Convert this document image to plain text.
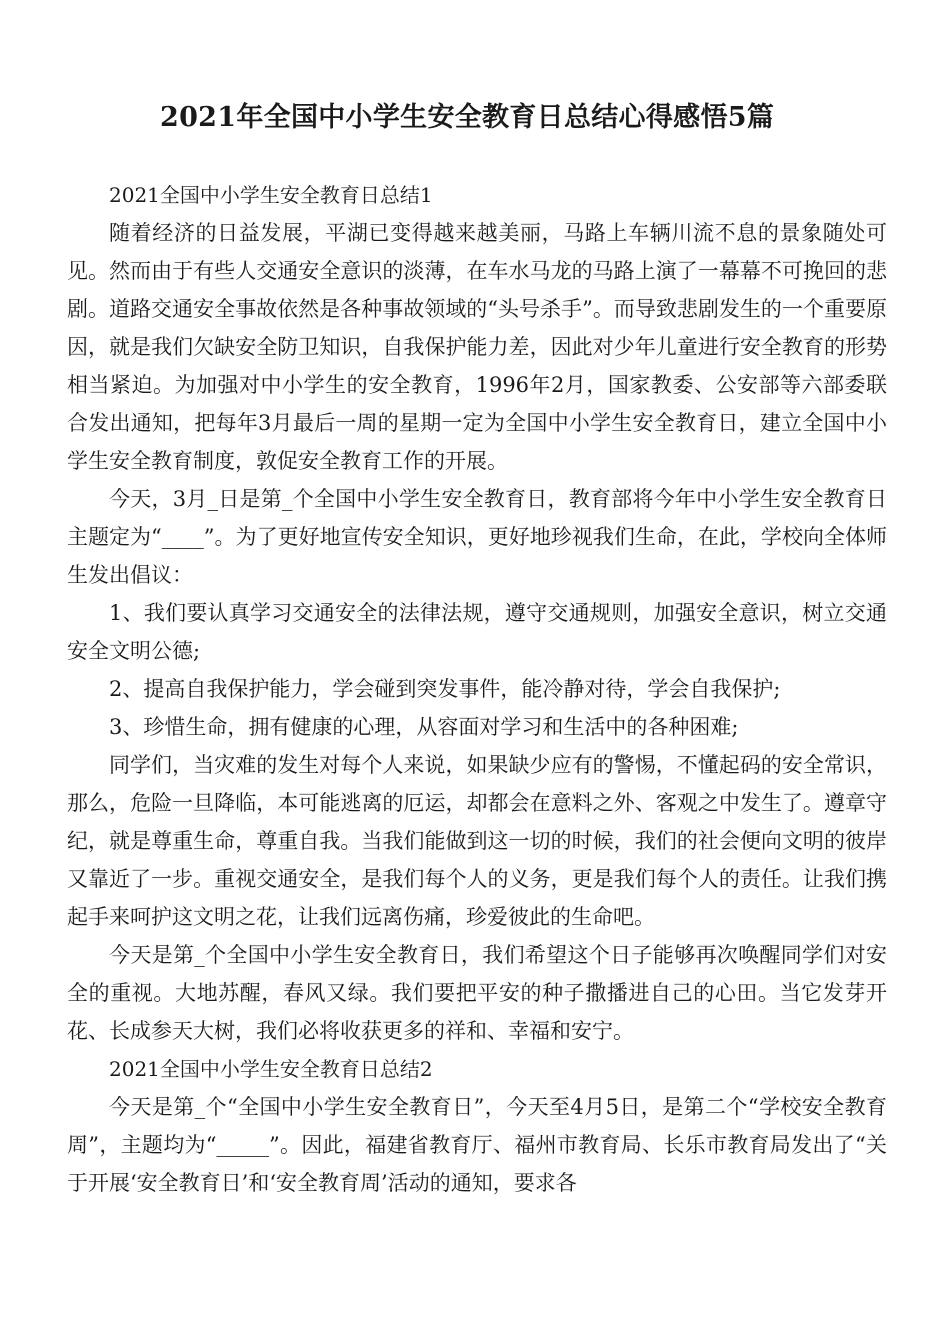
2021年全国中小学生安全教育日总结心得感悟5篇

2021全国中小学生安全教育日总结1

随着经济的日益发展，平湖已变得越来越美丽，马路上车辆川流不息的景象随处可见。然而由于有些人交通安全意识的淡薄，在车水马龙的马路上演了一幕幕不可挽回的悲剧。道路交通安全事故依然是各种事故领域的“头号杀手”。而导致悲剧发生的一个重要原因，就是我们欠缺安全防卫知识，自我保护能力差，因此对少年儿童进行安全教育的形势相当紧迫。为加强对中小学生的安全教育，1996年2月，国家教委、公安部等六部委联合发出通知，把每年3月最后一周的星期一定为全国中小学生安全教育日，建立全国中小学生安全教育制度，敦促安全教育工作的开展。

今天，3月_日是第_个全国中小学生安全教育日，教育部将今年中小学生安全教育日主题定为“____”。为了更好地宣传安全知识，更好地珍视我们生命，在此，学校向全体师生发出倡议：

1、我们要认真学习交通安全的法律法规，遵守交通规则，加强安全意识，树立交通安全文明公德;

2、提高自我保护能力，学会碰到突发事件，能冷静对待，学会自我保护;

3、珍惜生命，拥有健康的心理，从容面对学习和生活中的各种困难;

同学们，当灾难的发生对每个人来说，如果缺少应有的警惕，不懂起码的安全常识，那么，危险一旦降临，本可能逃离的厄运，却都会在意料之外、客观之中发生了。遵章守纪，就是尊重生命，尊重自我。当我们能做到这一切的时候，我们的社会便向文明的彼岸又靠近了一步。重视交通安全，是我们每个人的义务，更是我们每个人的责任。让我们携起手来呵护这文明之花，让我们远离伤痛，珍爱彼此的生命吧。

今天是第_个全国中小学生安全教育日，我们希望这个日子能够再次唤醒同学们对安全的重视。大地苏醒，春风又绿。我们要把平安的种子撒播进自己的心田。当它发芽开花、长成参天大树，我们必将收获更多的祥和、幸福和安宁。

2021全国中小学生安全教育日总结2

今天是第_个“全国中小学生安全教育日”，今天至4月5日，是第二个“学校安全教育周”，主题均为“_____”。因此，福建省教育厅、福州市教育局、长乐市教育局发出了“关于开展‘安全教育日’和‘安全教育周’活动的通知，要求各
